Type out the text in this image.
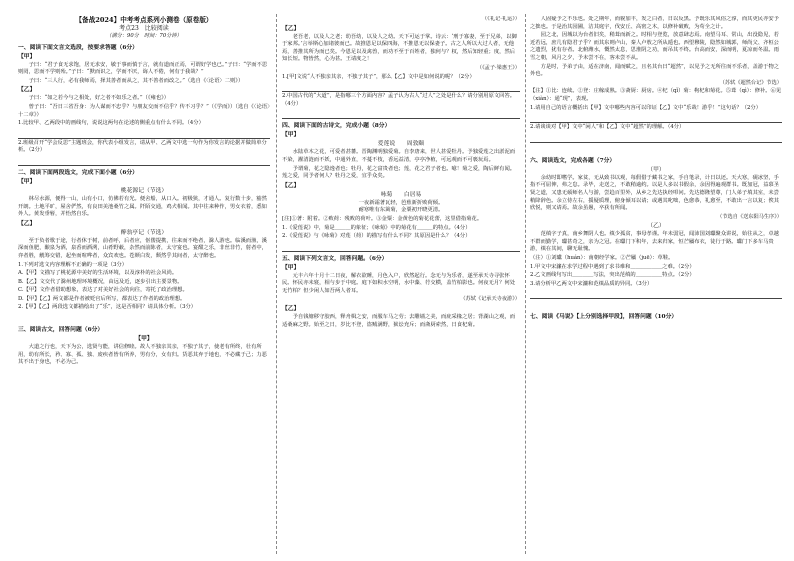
【备战2024】中考考点系列小测卷（原卷版）
考点23　比较阅读
（满分：90分　时间：70分钟）
一、阅读下面文言文选段，按要求答题（6分）
【甲】

子曰：“君子食无求饱，居无求安，敏于事而慎于言，就有道而正焉，可谓好学也已。”子曰：“学而不思则罔，思而不学则殆。”子曰：“默而识之，学而不厌，诲人不倦，何有于我哉？”

子曰：“三人行，必有我师焉，择其善者而从之，其不善者而改之。”（选自《〈论语〉二则》）

【乙】

子曰：“如之若今与之相处，好之者不如乐之者。”（《雍也》）

曾子曰：“吾日三省吾身：为人谋而不忠乎？与朋友交而不信乎？传不习乎？”（《学而》）（选自《〈论语〉十二章》）

1.比较甲、乙两段中的画线句，说说这两句在论述的侧重点有什么不同。（4分）
2.班级召开“学会反思”主题班会，你代表小组发言，请从甲、乙两文中选一句作为你发言的论据并做简单分析。（2分）
二、阅读下面两段选文，完成下面小题（6分）
【甲】
桃花源记（节选）

林尽水源，便得一山，山有小口，仿佛若有光。便舍船，从口入。初极狭，才通人。复行数十步，豁然开朗。土地平旷，屋舍俨然，有良田美池桑竹之属。阡陌交通，鸡犬相闻。其中往来种作，男女衣着，悉如外人。黄发垂髫，并怡然自乐。

【乙】
醉翁亭记（节选）

至于负者歌于途，行者休于树，前者呼，后者应，伛偻提携，往来而不绝者，滁人游也。临溪而渔，溪深而鱼肥，酿泉为酒，泉香而酒洌，山肴野蔌，杂然而前陈者，太守宴也。宴酣之乐，非丝非竹，射者中，弈者胜，觥筹交错，起坐而喧哗者，众宾欢也。苍颜白发，颓然乎其间者，太守醉也。

1.下列对选文内容理解不正确的一项是（3分）
A.【甲】文描写了桃花源中美好的生活环境，以及淳朴的社会风尚。
B.【乙】文交代了滁州地理环境概况，由远及近，逐步引出主要景物。
C.【甲】文作者借助想象，表达了对美好社会的向往，寄托了政治理想。
D.【甲】【乙】两文都是作者被贬官后所写，都表达了作者的政治理想。
2.【甲】【乙】两段选文都描绘出了“乐”，这是否相同？请具体分析。（3分）
三、阅读古文，回答问题（6分）
【甲】

大道之行也，天下为公，选贤与能，讲信修睦。故人不独亲其亲，不独子其子，使老有所终，壮有所用，幼有所长，矜、寡、孤、独、废疾者皆有所养，男有分，女有归。货恶其弃于地也，不必藏于己；力恶其不出于身也，不必为己。

（《礼记·礼运》）
【乙】

老吾老，以及人之老；幼吾幼，以及人之幼。天下可运于掌。诗云：‘刑于寡妻，至于兄弟，以御于家邦。’言举斯心加诸彼而已。故推恩足以保四海，不推恩无以保妻子。古之人所以大过人者，无他焉，善推其所为而已矣。今恩足以及禽兽，而功不至于百姓者，独何与？权，然后知轻重；度，然后知长短。物皆然，心为甚。王请度之！

（《孟子·梁惠王》）
1.[甲]文说“人不独亲其亲，不独子其子”，那么【乙】文中是如何说的呢？（2分）
2.中国古代的“大道”，是指哪三个方面内容？孟子认为古人“过人”之处是什么？请分别用原文回答。（4分）
四、阅读下面的古诗文，完成小题（8分）
【甲】
爱莲说　　周敦颐

水陆草木之花，可爱者甚蕃。晋陶渊明独爱菊。自李唐来，世人甚爱牡丹。予独爱莲之出淤泥而不染，濯清涟而不妖，中通外直，不蔓不枝，香远益清，亭亭净植，可远观而不可亵玩焉。

予谓菊，花之隐逸者也；牡丹，花之富贵者也；莲，花之君子者也。噫！菊之爱，陶后鲜有闻。莲之爱，同予者何人？牡丹之爱，宜乎众矣。

【乙】
咏菊　　白居易
一夜新霜著瓦轻，芭蕉新折败荷倾。
耐寒唯有东篱菊，金粟初开晓更清。
[注]①著：附着。②败荷：残败的荷叶。③金粟：金黄色的菊花花蕾，这里借指菊花。
1.《爱莲说》中，菊是＿＿＿的象征；《咏菊》中的菊花有＿＿＿的特点。（4分）
2.《爱莲说》与《咏菊》对莲（荷）的描写有什么不同？其原因是什么？（4分）
五、阅读下列文言文，回答问题。（6分）
【甲】

元丰六年十月十二日夜，解衣欲睡，月色入户，欣然起行。念无与为乐者，遂至承天寺寻张怀民。怀民亦未寝，相与步于中庭。庭下如积水空明，水中藻、荇交横，盖竹柏影也。何夜无月？何处无竹柏？但少闲人如吾两人者耳。

（苏轼《记承天寺夜游》）
【乙】

予自钱塘移守胶西，释舟楫之安，而服车马之劳；去雕墙之美，而庇采椽之居；背湖山之观，而适桑麻之野。始至之日，岁比不登，盗贼满野，狱讼充斥；而斋厨索然，日食杞菊。

人固疑予之不乐也。处之期年，而貌加丰，发之白者，日以反黑。予既乐其风俗之淳，而其吏民亦安予之拙也。于是治其园圃，洁其庭宇，伐安丘、高密之木，以修补破败，为苟全之计。

园之北，因城以为台者旧矣，稍葺而新之。时相与登览，放意肆志焉。南望马耳、常山，出没隐见，若近若远，庶几有隐君子乎？而其东则卢山，秦人卢敖之所从遁也。西望穆陵，隐然如城郭，师尚父、齐桓公之遗烈，犹有存者。北俯潍水，慨然太息，思淮阴之功，而吊其不终。台高而安，深而明，夏凉而冬温。雨雪之朝，风月之夕，予未尝不在，客未尝不从。

方是时，予弟子由，适在济南，闻而赋之，且名其台曰“超然”，以见予之无所往而不乐者，盖游于物之外也。

（苏轼《超然台记》节选）
【注】①比：连续。②登：庄稼成熟。③斋厨：厨房。④杞（qǐ）菊：枸杞和菊花。⑤葺（qì）：修补。⑥见（xiàn）：通“现”，表现。
1.请用自己的语言概括出【甲】文中哪些内容可以印证【乙】文中“乐哉！游乎！”这句话？（2分）
2.请谈谈对【甲】文中“闲人”和【乙】文中“超然”的理解。（4分）
六、阅读选文，完成各题（7分）
（甲）

余幼时即嗜学。家贫，无从致书以观，每假借于藏书之家，手自笔录，计日以还。天大寒，砚冰坚，手指不可屈伸，弗之怠。录毕，走送之，不敢稍逾约。以是人多以书假余，余因得遍观群书。既加冠，益慕圣贤之道，又患无硕师名人与游，尝趋百里外，从乡之先达执经叩问。先达德隆望尊，门人弟子填其室，未尝稍降辞色。余立侍左右，援疑质理，俯身倾耳以请；或遇其叱咄，色愈恭，礼愈至，不敢出一言以复；俟其欣悦，则又请焉。故余虽愚，卒获有所闻。

（节选自《送东阳马生序》）
（乙）

范缜字子真，南乡舞阴人也。缜少孤贫，事母孝谨。年未弱冠，闻沛国刘瓛聚众讲说，始往从之，卓越不群而勤学，瓛甚奇之，亲为之冠。在瓛门下积年，去来归家，恒芒屩布衣，徒行于路。瓛门下多车马贵游，缜在其间，聊无耻愧。

（注）①刘瓛（huán）：南朝经学家。②芒屩（juē）：草鞋。
1.甲文中宋濂在求学过程中遇到了求书难和＿＿＿＿＿＿之难。（2分）
2.乙文画线句写出＿＿＿＿写法，突出范缜的＿＿＿＿＿特点。（2分）
3.请分析甲乙两文中宋濂和范缜品质的异同。（3分）
七、阅读《马说》【上分别选择甲段】，回答问题（10分）
